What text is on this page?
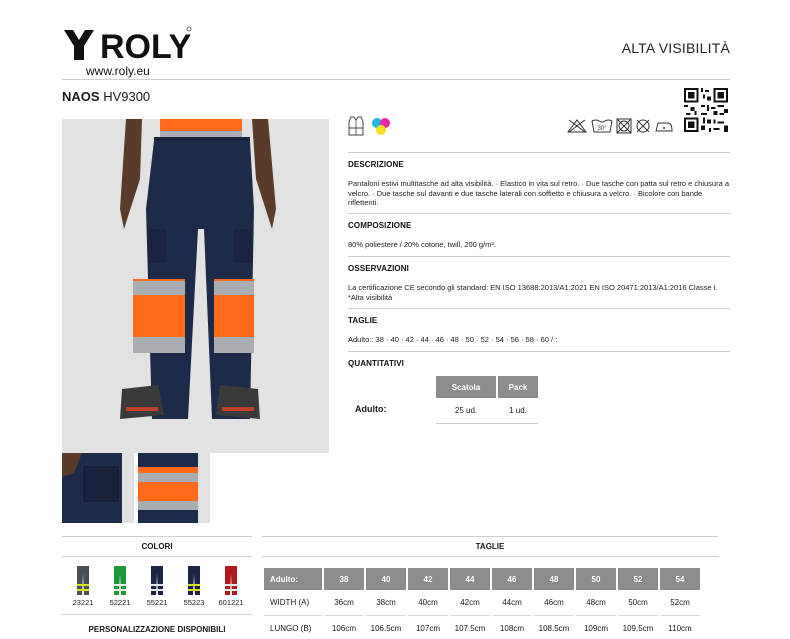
ROLY
www.roly.eu
ALTA VISIBILITÀ
NAOS HV9300
30°
DESCRIZIONE
Pantaloni estivi multitasche ad alta visibilità. · Elastico in vita sul retro. · Due tasche con patta sul retro e chiusura a velcro. · Due tasche sul davanti e due tasche laterali con soffietto e chiusura a velcro. · Bicolore con bande riflettenti.
COMPOSIZIONE
80% poliestere / 20% cotone, twill, 200 g/m².
OSSERVAZIONI
La certificazione CE secondo gli standard: EN ISO 13688:2013/A1:2021 EN ISO 20471:2013/A1:2016 Classe I. *Alta visibilità
TAGLIE
Adulto:: 38 · 40 · 42 · 44 · 46 · 48 · 50 · 52 · 54 · 56 · 58 · 60 / :
QUANTITATIVI
Scatola	Pack
Adulto:	25 ud.	1 ud.
COLORI
23221 52221 55221 55223 601221
PERSONALIZZAZIONE DISPONIBILI
TAGLIE
Adulto:	38	40	42	44	46	48	50	52	54
WIDTH (A)	36cm	38cm	40cm	42cm	44cm	46cm	48cm	50cm	52cm
LUNGO (B)	106cm	106.5cm	107cm	107.5cm	108cm	108.5cm	109cm	109.5cm	110cm
